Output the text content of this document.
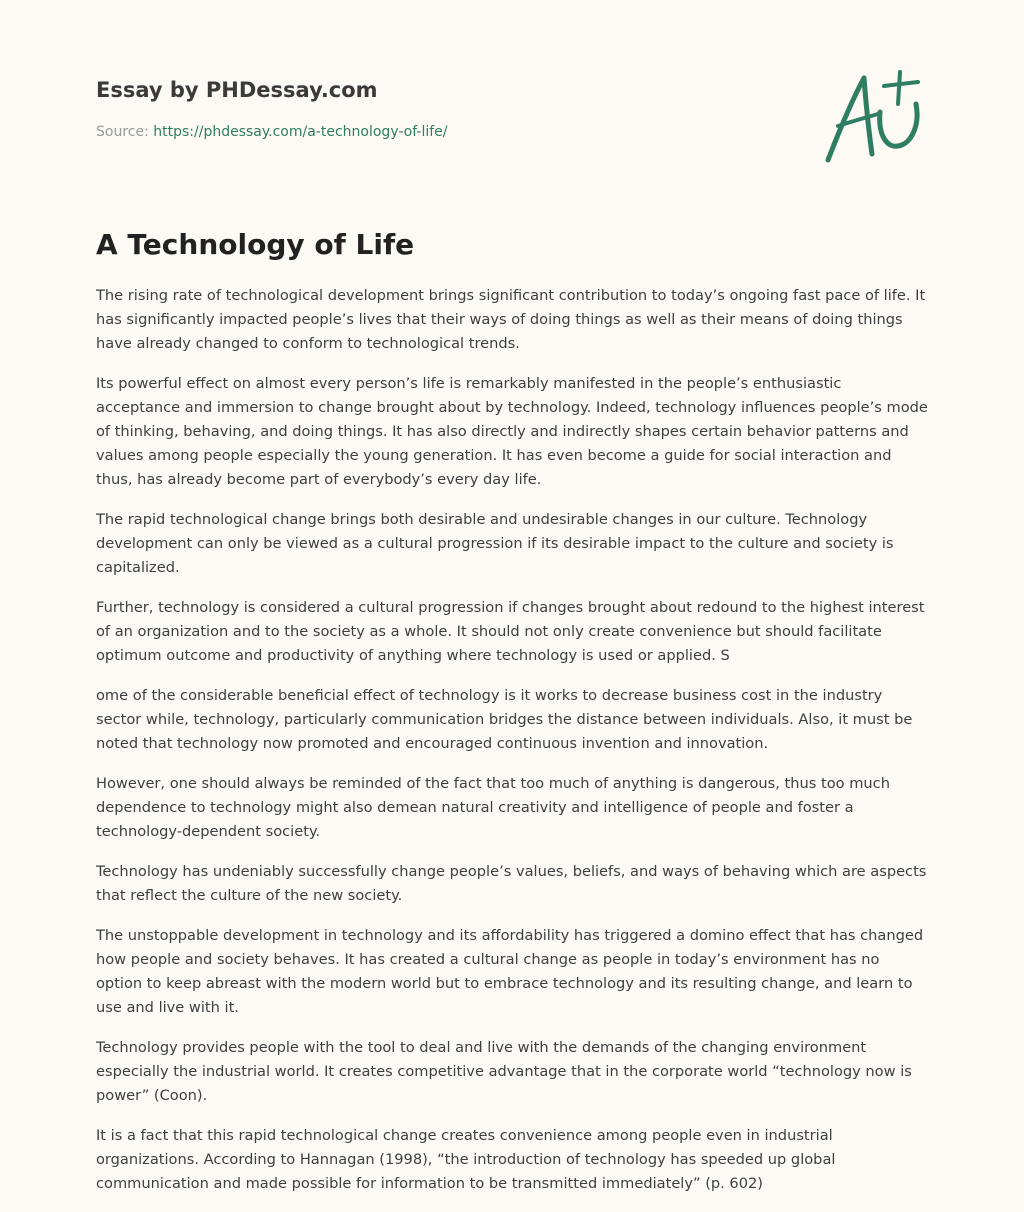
Essay by PHDessay.com
Source: https://phdessay.com/a-technology-of-life/
A Technology of Life

The rising rate of technological development brings significant contribution to today’s ongoing fast pace of life. It has significantly impacted people’s lives that their ways of doing things as well as their means of doing things have already changed to conform to technological trends.

Its powerful effect on almost every person’s life is remarkably manifested in the people’s enthusiastic acceptance and immersion to change brought about by technology. Indeed, technology influences people’s mode of thinking, behaving, and doing things. It has also directly and indirectly shapes certain behavior patterns and values among people especially the young generation. It has even become a guide for social interaction and thus, has already become part of everybody’s every day life.

The rapid technological change brings both desirable and undesirable changes in our culture. Technology development can only be viewed as a cultural progression if its desirable impact to the culture and society is capitalized.

Further, technology is considered a cultural progression if changes brought about redound to the highest interest of an organization and to the society as a whole. It should not only create convenience but should facilitate optimum outcome and productivity of anything where technology is used or applied. S

ome of the considerable beneficial effect of technology is it works to decrease business cost in the industry sector while, technology, particularly communication bridges the distance between individuals. Also, it must be noted that technology now promoted and encouraged continuous invention and innovation.

However, one should always be reminded of the fact that too much of anything is dangerous, thus too much dependence to technology might also demean natural creativity and intelligence of people and foster a technology-dependent society.

Technology has undeniably successfully change people’s values, beliefs, and ways of behaving which are aspects that reflect the culture of the new society.

The unstoppable development in technology and its affordability has triggered a domino effect that has changed how people and society behaves. It has created a cultural change as people in today’s environment has no option to keep abreast with the modern world but to embrace technology and its resulting change, and learn to use and live with it.

Technology provides people with the tool to deal and live with the demands of the changing environment especially the industrial world. It creates competitive advantage that in the corporate world “technology now is power” (Coon).

It is a fact that this rapid technological change creates convenience among people even in industrial organizations. According to Hannagan (1998), “the introduction of technology has speeded up global communication and made possible for information to be transmitted immediately” (p. 602)
